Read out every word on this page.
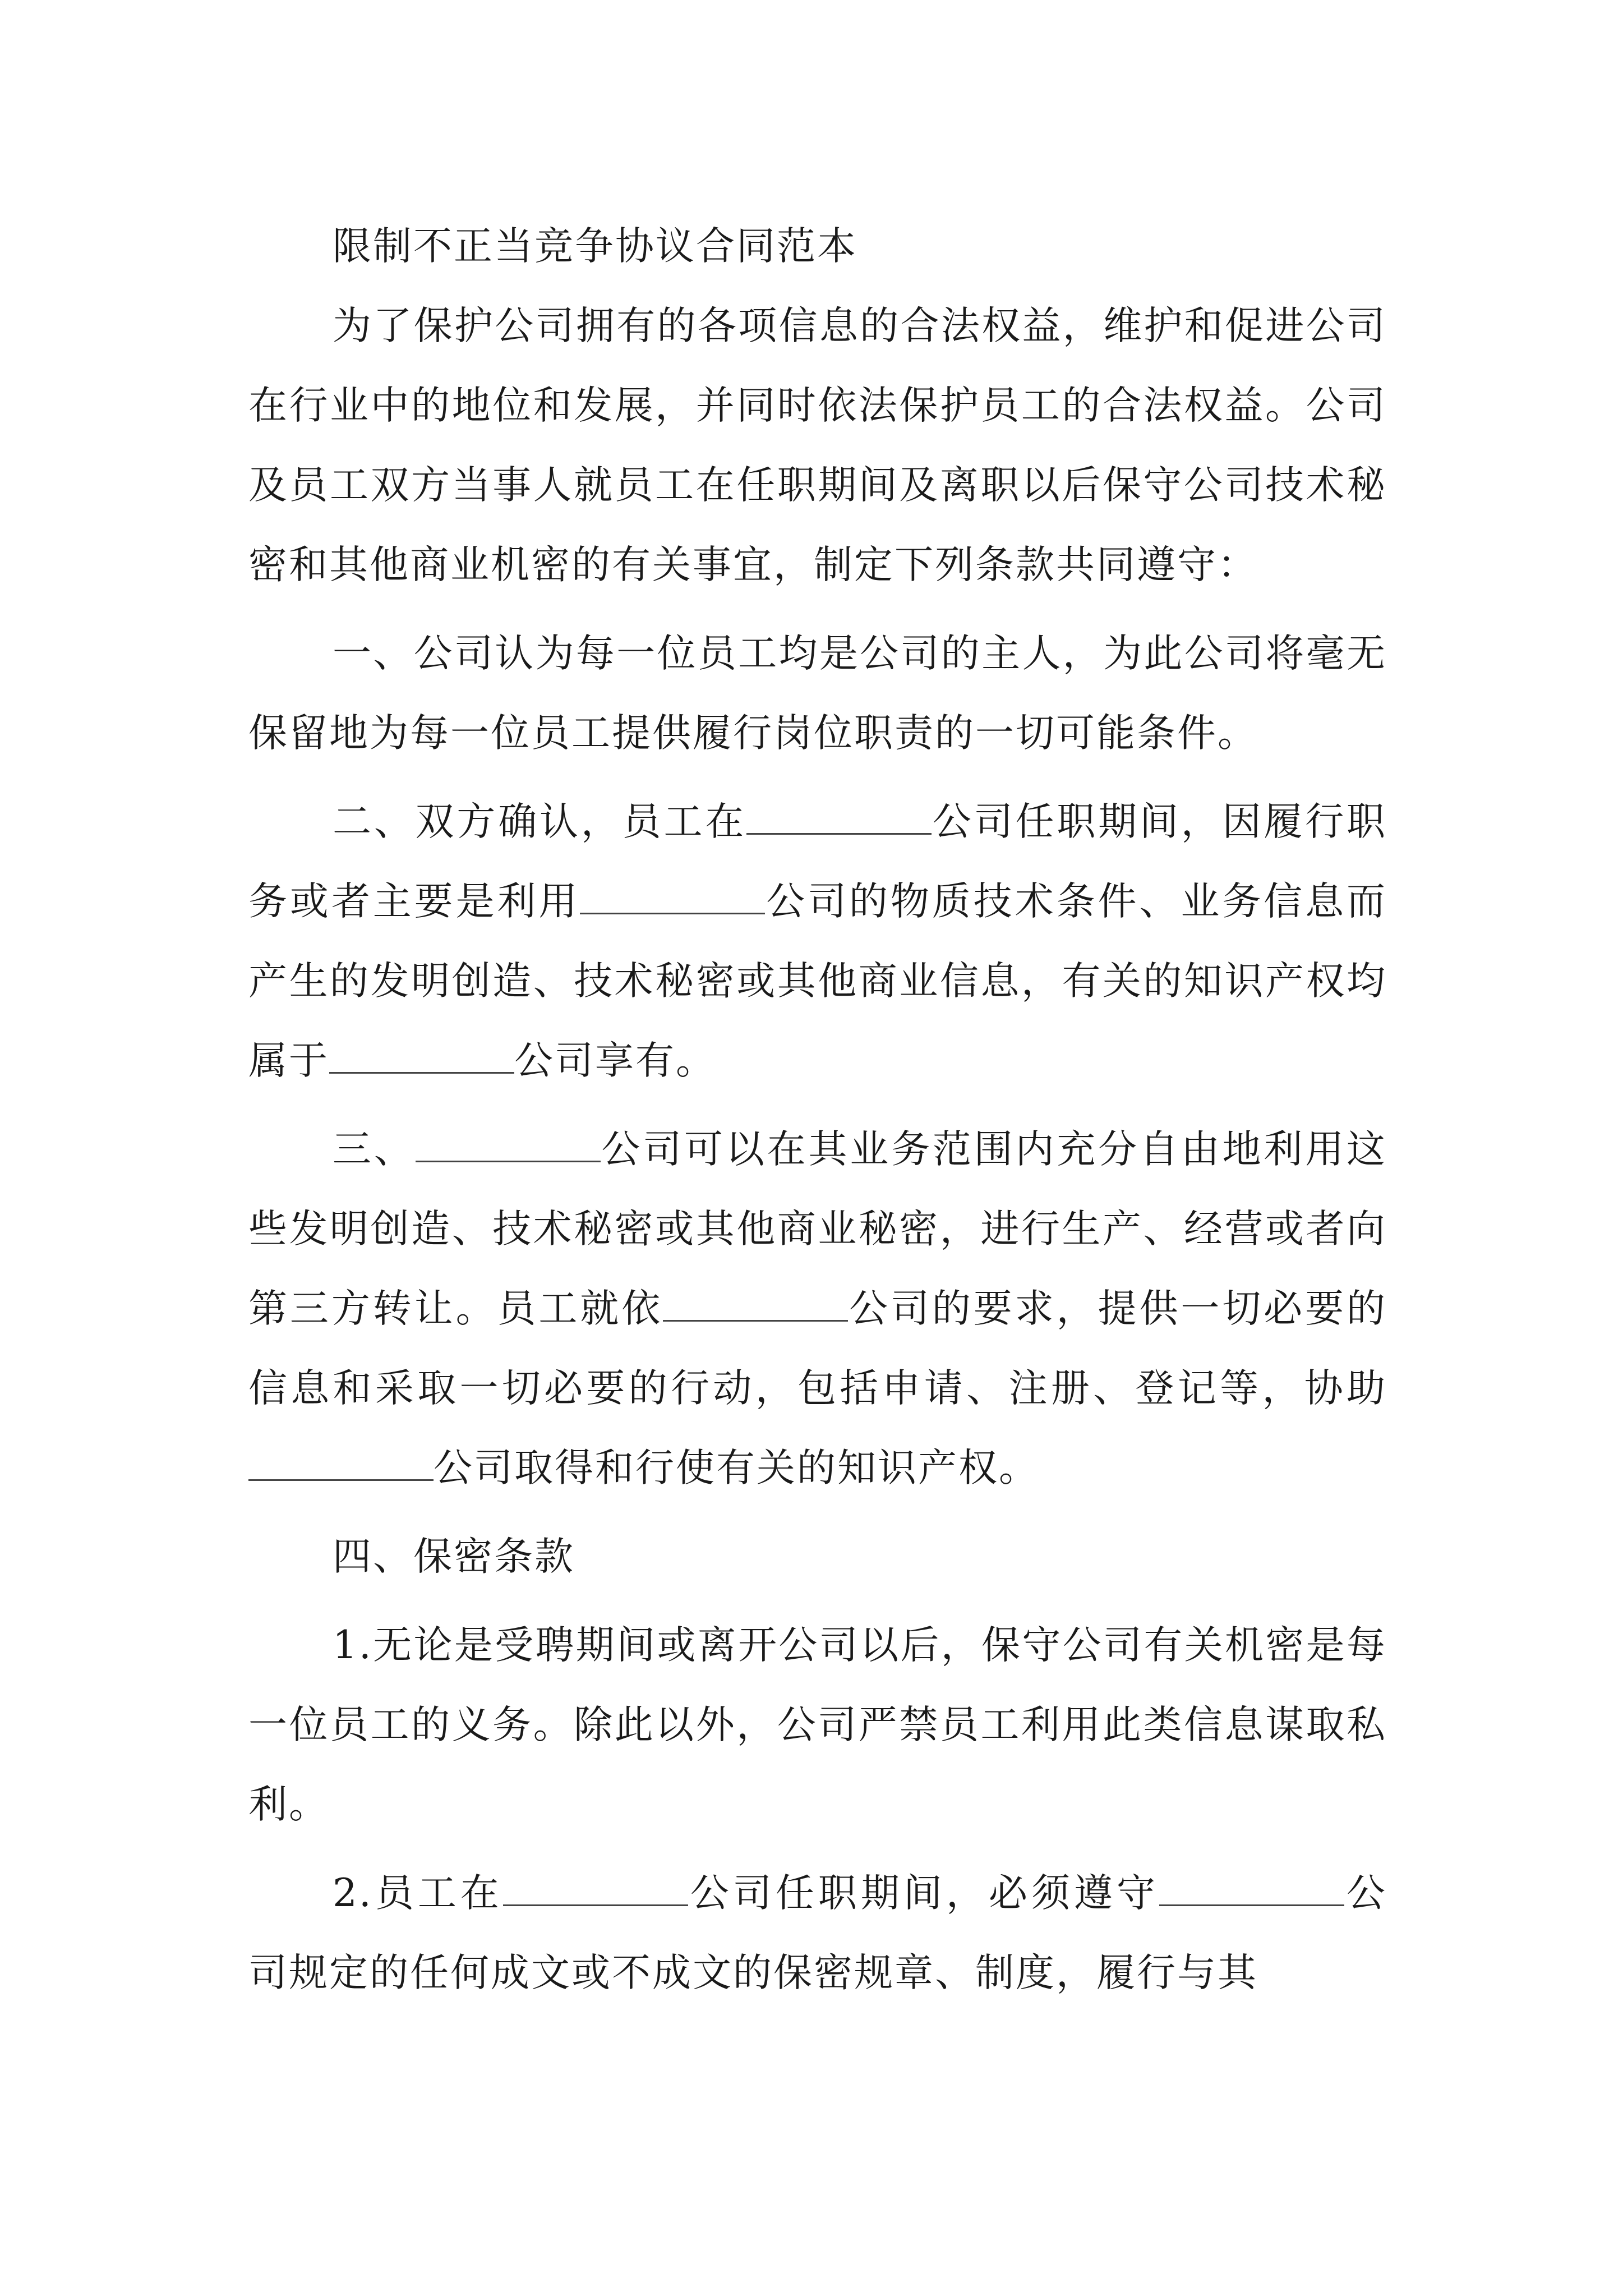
限制不正当竞争协议合同范本

为了保护公司拥有的各项信息的合法权益，维护和促进公司在行业中的地位和发展，并同时依法保护员工的合法权益。公司及员工双方当事人就员工在任职期间及离职以后保守公司技术秘密和其他商业机密的有关事宜，制定下列条款共同遵守：

一、公司认为每一位员工均是公司的主人，为此公司将毫无保留地为每一位员工提供履行岗位职责的一切可能条件。

二、双方确认，员工在	公司任职期间，因履行职务或者主要是利用	公司的物质技术条件、业务信息而产生的发明创造、技术秘密或其他商业信息，有关的知识产权均属于	公司享有。

三、	公司可以在其业务范围内充分自由地利用这些发明创造、技术秘密或其他商业秘密，进行生产、经营或者向第三方转让。员工就依	公司的要求，提供一切必要的信息和采取一切必要的行动，包括申请、注册、登记等，协助公司取得和行使有关的知识产权。

四、保密条款

1.无论是受聘期间或离开公司以后，保守公司有关机密是每一位员工的义务。除此以外，公司严禁员工利用此类信息谋取私利。

2.员工在	公司任职期间，必须遵守	公司规定的任何成文或不成文的保密规章、制度，履行与其
